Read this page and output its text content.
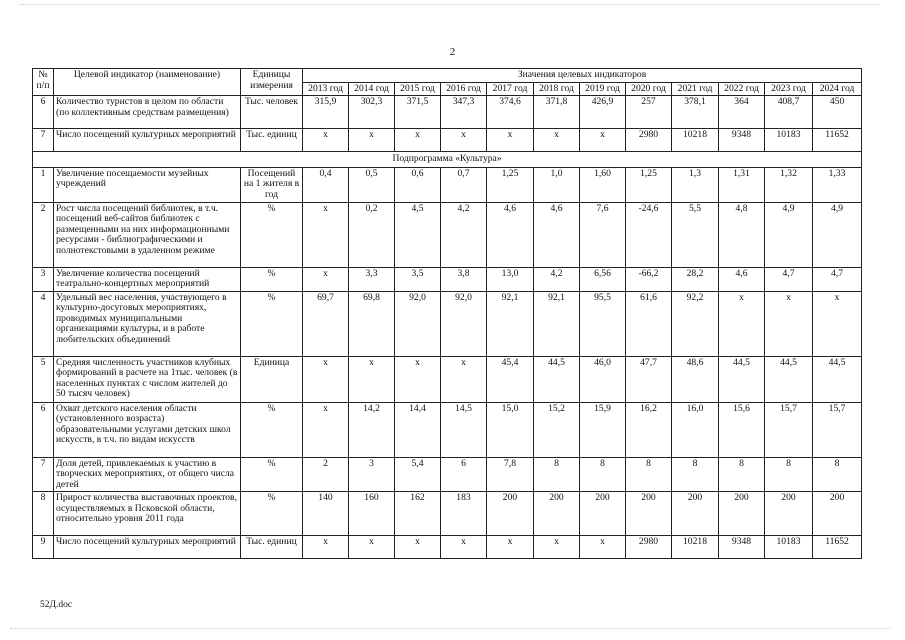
2
№ п/п	Целевой индикатор (наименование)	Единицы измерения	Значения целевых индикаторов											
			2013 год	2014 год	2015 год	2016 год	2017 год	2018 год	2019 год	2020 год	2021 год	2022 год	2023 год	2024 год
6	Количество туристов в целом по области (по коллективным средствам размещения)	Тыс. человек	315,9	302,3	371,5	347,3	374,6	371,8	426,9	257	378,1	364	408,7	450
7	Число посещений культурных мероприятий	Тыс. единиц	x	x	x	x	x	x	x	2980	10218	9348	10183	11652
Подпрограмма «Культура»														
1	Увеличение посещаемости музейных учреждений	Посещений на 1 жителя в год	0,4	0,5	0,6	0,7	1,25	1,0	1,60	1,25	1,3	1,31	1,32	1,33
2	Рост числа посещений библиотек, в т.ч. посещений веб-сайтов библиотек с размещенными на них информационными ресурсами - библиографическими и полнотекстовыми в удаленном режиме	%	x	0,2	4,5	4,2	4,6	4,6	7,6	-24,6	5,5	4,8	4,9	4,9
3	Увеличение количества посещений театрально-концертных мероприятий	%	x	3,3	3,5	3,8	13,0	4,2	6,56	-66,2	28,2	4,6	4,7	4,7
4	Удельный вес населения, участвующего в культурно-досуговых мероприятиях, проводимых муниципальными организациями культуры, и в работе любительских объединений	%	69,7	69,8	92,0	92,0	92,1	92,1	95,5	61,6	92,2	x	x	x
5	Средняя численность участников клубных формирований в расчете на 1тыс. человек (в населенных пунктах с числом жителей до 50 тысяч человек)	Единица	x	x	x	x	45,4	44,5	46,0	47,7	48,6	44,5	44,5	44,5
6	Охват детского населения области (установленного возраста) образовательными услугами детских школ искусств, в т.ч. по видам искусств	%	x	14,2	14,4	14,5	15,0	15,2	15,9	16,2	16,0	15,6	15,7	15,7
7	Доля детей, привлекаемых к участию в творческих мероприятиях, от общего числа детей	%	2	3	5,4	6	7,8	8	8	8	8	8	8	8
8	Прирост количества выставочных проектов, осуществляемых в Псковской области, относительно уровня 2011 года	%	140	160	162	183	200	200	200	200	200	200	200	200
9	Число посещений культурных мероприятий	Тыс. единиц	x	x	x	x	x	x	x	2980	10218	9348	10183	11652
52Д.doc
